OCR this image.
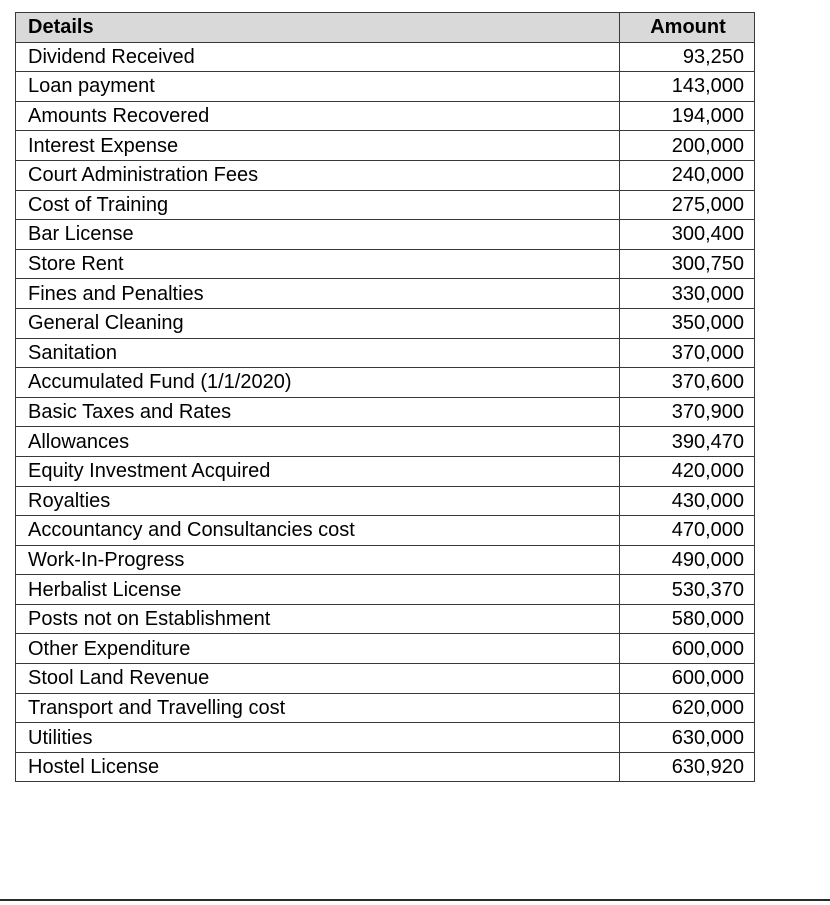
Details	Amount
Dividend Received	93,250
Loan payment	143,000
Amounts Recovered	194,000
Interest Expense	200,000
Court Administration Fees	240,000
Cost of Training	275,000
Bar License	300,400
Store Rent	300,750
Fines and Penalties	330,000
General Cleaning	350,000
Sanitation	370,000
Accumulated Fund (1/1/2020)	370,600
Basic Taxes and Rates	370,900
Allowances	390,470
Equity Investment Acquired	420,000
Royalties	430,000
Accountancy and Consultancies cost	470,000
Work-In-Progress	490,000
Herbalist License	530,370
Posts not on Establishment	580,000
Other Expenditure	600,000
Stool Land Revenue	600,000
Transport and Travelling cost	620,000
Utilities	630,000
Hostel License	630,920
